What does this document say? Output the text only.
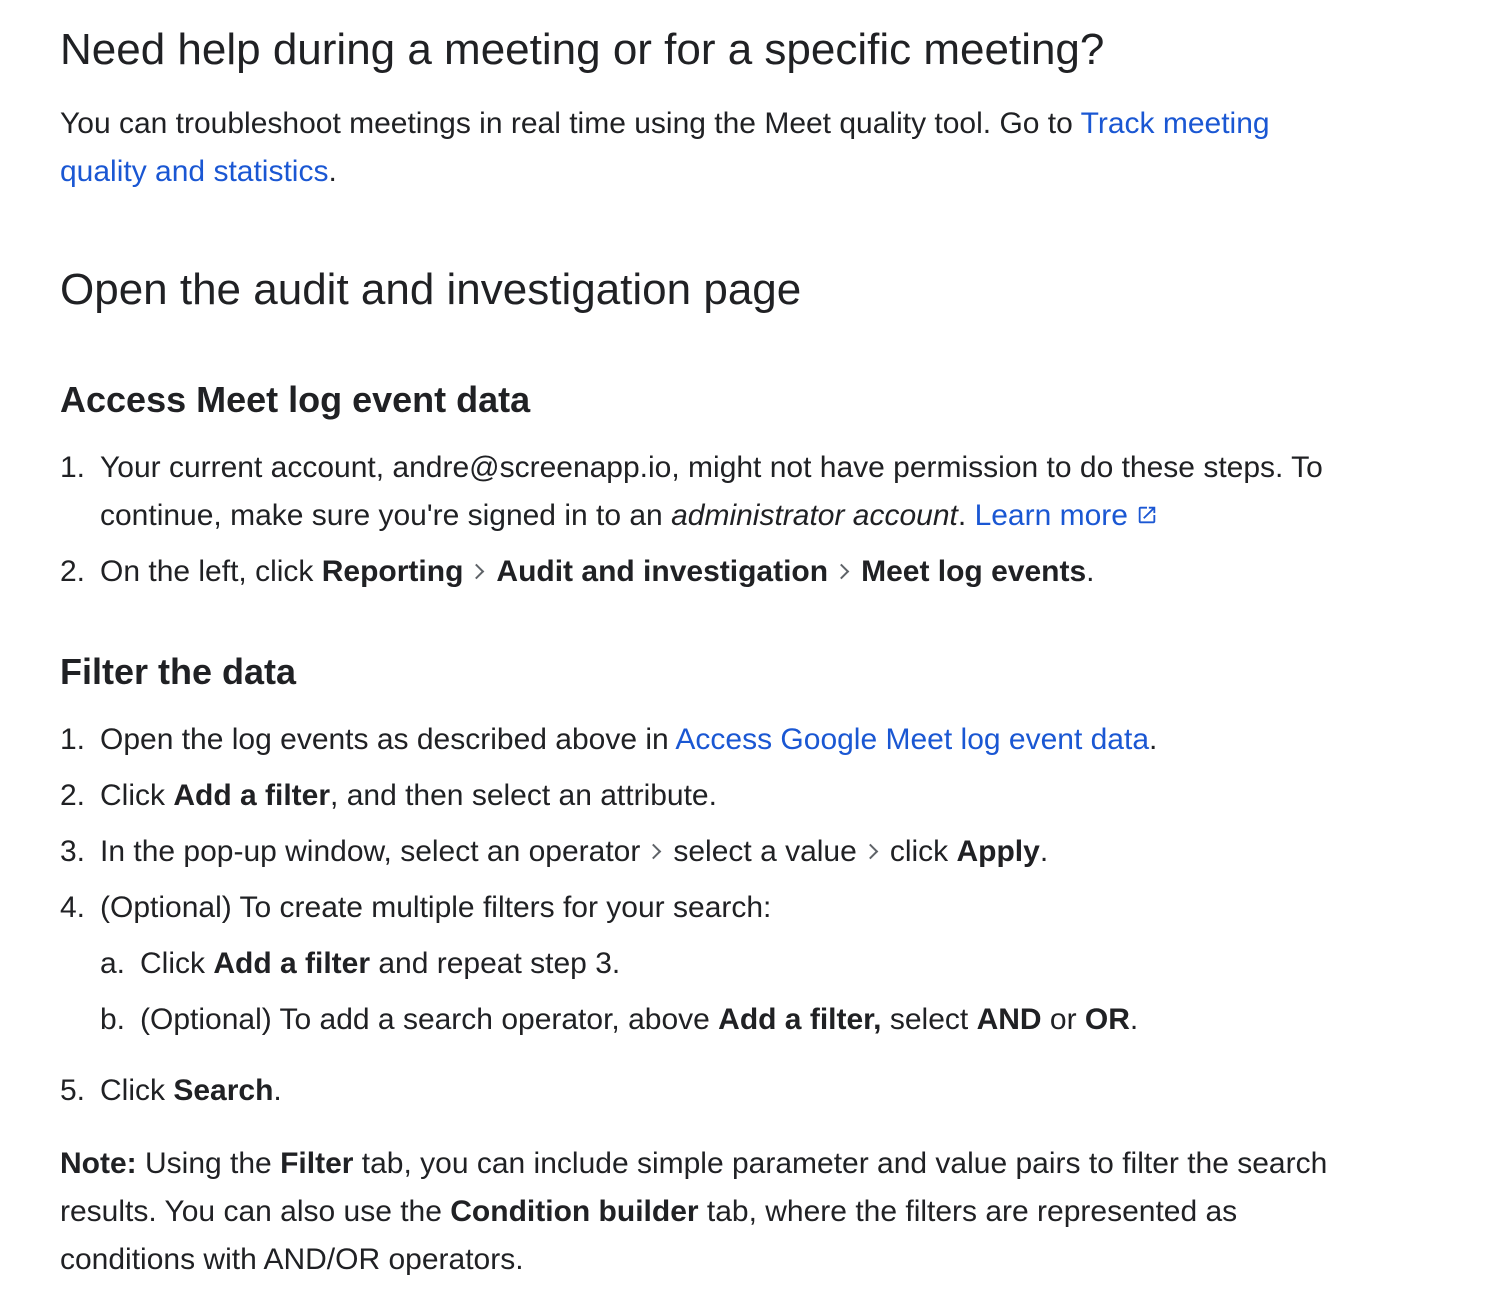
Need help during a meeting or for a specific meeting?
You can troubleshoot meetings in real time using the Meet quality tool. Go to Track meeting
quality and statistics.
Open the audit and investigation page
Access Meet log event data
1. Your current account, andre@screenapp.io, might not have permission to do these steps. To
continue, make sure you're signed in to an administrator account. Learn more
2. On the left, click Reporting Audit and investigation Meet log events.
Filter the data
1. Open the log events as described above in Access Google Meet log event data.
2. Click Add a filter, and then select an attribute.
3. In the pop-up window, select an operator select a value click Apply.
4. (Optional) To create multiple filters for your search:
a. Click Add a filter and repeat step 3.
b. (Optional) To add a search operator, above Add a filter, select AND or OR.
5. Click Search.
Note: Using the Filter tab, you can include simple parameter and value pairs to filter the search
results. You can also use the Condition builder tab, where the filters are represented as
conditions with AND/OR operators.
